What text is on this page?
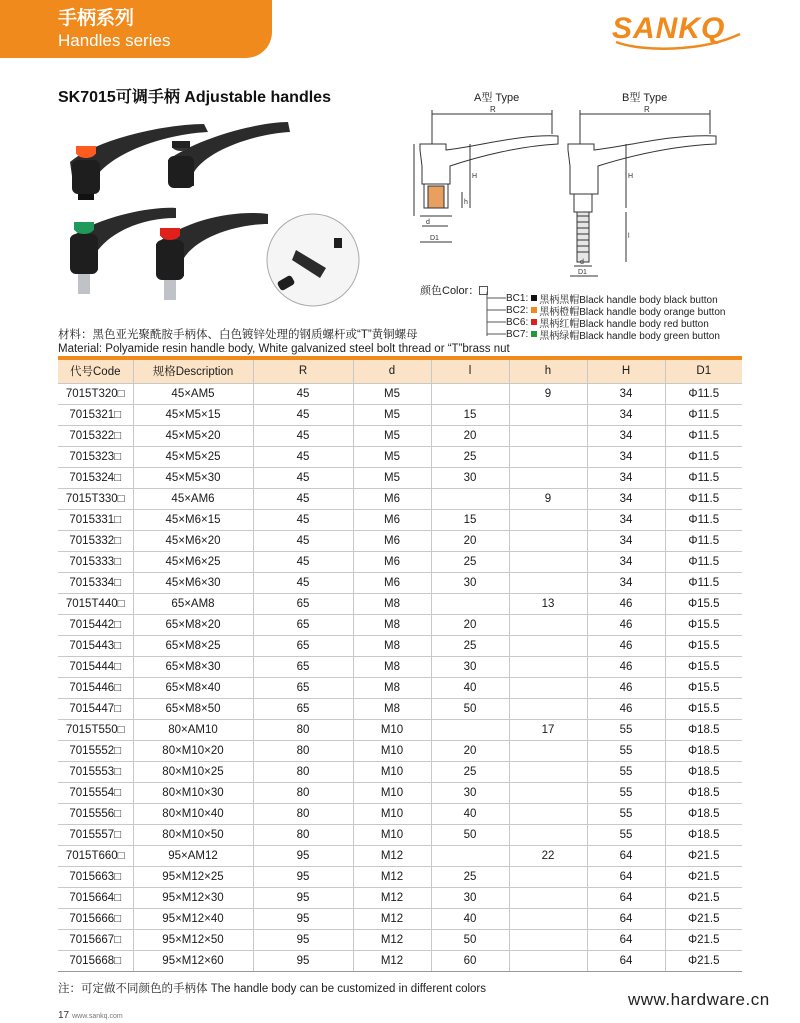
手柄系列
Handles series	SANKQ
SK7015可调手柄 Adjustable handles	A型 Type	B型 Type
R
h
H
d
D1
R
H
l
d
D1
颜色Color：
BC1: 黑柄黑帽Black handle body black button
BC2: 黑柄橙帽Black handle body orange button
BC6: 黑柄红帽Black handle body red button
BC7: 黑柄绿帽Black handle body green button
材料：黑色亚光聚酰胺手柄体、白色镀锌处理的钢质螺杆或“T”黄铜螺母
Material: Polyamide resin handle body, White galvanized steel bolt thread or “T”brass nut
代号Code	规格Description	R	d	l	h	H	D1
7015T320□	45×AM5	45	M5		9	34	Φ11.5
7015321□	45×M5×15	45	M5	15		34	Φ11.5
7015322□	45×M5×20	45	M5	20		34	Φ11.5
7015323□	45×M5×25	45	M5	25		34	Φ11.5
7015324□	45×M5×30	45	M5	30		34	Φ11.5
7015T330□	45×AM6	45	M6		9	34	Φ11.5
7015331□	45×M6×15	45	M6	15		34	Φ11.5
7015332□	45×M6×20	45	M6	20		34	Φ11.5
7015333□	45×M6×25	45	M6	25		34	Φ11.5
7015334□	45×M6×30	45	M6	30		34	Φ11.5
7015T440□	65×AM8	65	M8		13	46	Φ15.5
7015442□	65×M8×20	65	M8	20		46	Φ15.5
7015443□	65×M8×25	65	M8	25		46	Φ15.5
7015444□	65×M8×30	65	M8	30		46	Φ15.5
7015446□	65×M8×40	65	M8	40		46	Φ15.5
7015447□	65×M8×50	65	M8	50		46	Φ15.5
7015T550□	80×AM10	80	M10		17	55	Φ18.5
7015552□	80×M10×20	80	M10	20		55	Φ18.5
7015553□	80×M10×25	80	M10	25		55	Φ18.5
7015554□	80×M10×30	80	M10	30		55	Φ18.5
7015556□	80×M10×40	80	M10	40		55	Φ18.5
7015557□	80×M10×50	80	M10	50		55	Φ18.5
7015T660□	95×AM12	95	M12		22	64	Φ21.5
7015663□	95×M12×25	95	M12	25		64	Φ21.5
7015664□	95×M12×30	95	M12	30		64	Φ21.5
7015666□	95×M12×40	95	M12	40		64	Φ21.5
7015667□	95×M12×50	95	M12	50		64	Φ21.5
7015668□	95×M12×60	95	M12	60		64	Φ21.5
注：可定做不同颜色的手柄体 The handle body can be customized in different colors
www.hardware.cn
17 www.sankq.com
